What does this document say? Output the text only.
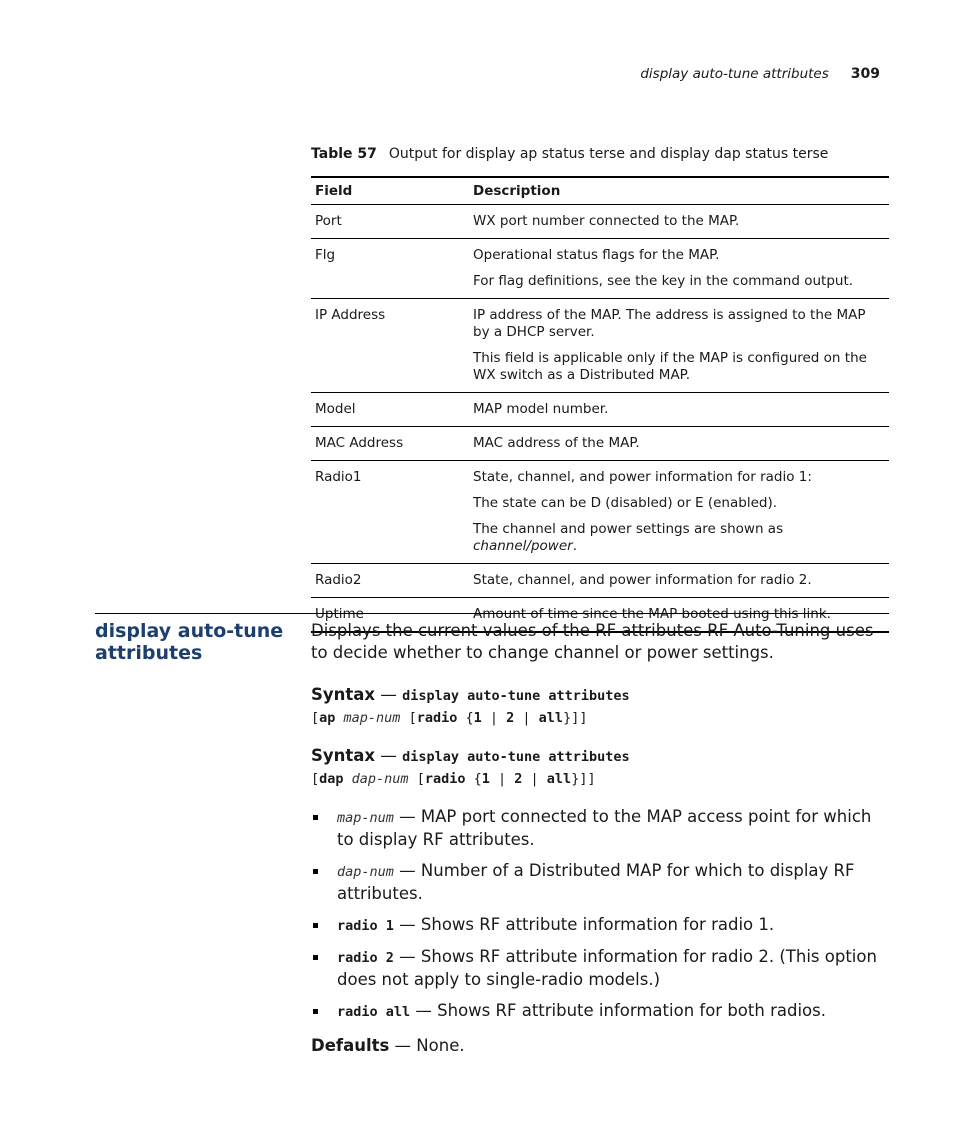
display auto-tune attributes 309
Table 57 Output for display ap status terse and display dap status terse
Field	Description
Port	WX port number connected to the MAP.

Flg	Operational status flags for the MAP.

For flag definitions, see the key in the command output.

IP Address	IP address of the MAP. The address is assigned to the MAP by a DHCP server.

This field is applicable only if the MAP is configured on the WX switch as a Distributed MAP.

Model	MAP model number.

MAC Address	MAC address of the MAP.

Radio1	State, channel, and power information for radio 1:

The state can be D (disabled) or E (enabled).

The channel and power settings are shown as
channel/power.

Radio2	State, channel, and power information for radio 2.

Uptime	Amount of time since the MAP booted using this link.

display auto-tune attributes

Displays the current values of the RF attributes RF Auto-Tuning uses to decide whether to change channel or power settings.

Syntax — display auto-tune attributes
[ap map-num [radio {1 | 2 | all}]]
Syntax — display auto-tune attributes
[dap dap-num [radio {1 | 2 | all}]]
map-num — MAP port connected to the MAP access point for which to display RF attributes.
dap-num — Number of a Distributed MAP for which to display RF attributes.
radio 1 — Shows RF attribute information for radio 1.
radio 2 — Shows RF attribute information for radio 2. (This option does not apply to single-radio models.)
radio all — Shows RF attribute information for both radios.

Defaults — None.
